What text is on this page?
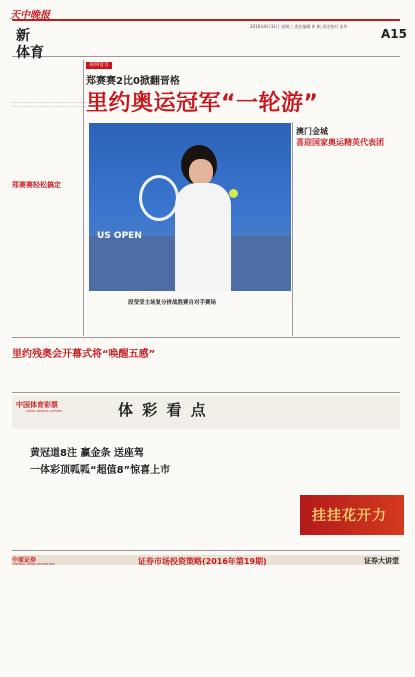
天中晚报
新
体育
2016年8月31日 星期三 责任编辑 崔 帆 责任校对 朱华
A15
美网首日
郑赛赛2比0掀翻晋格
里约奥运冠军“一轮游”
US OPEN
段莹莹主场复分拼战胜赛自对手赛场

………………………………………………………………………

………………………………………………………………………

郑赛赛轻松搞定
澳门金城
喜迎国家奥运精英代表团
里约残奥会开幕式将“唤醒五感”
中国体育彩票
CHINA SPORTS LOTTERY	体 彩 看 点
黄冠道8注 赢金条 送座驾
一体彩顶呱呱“超值8”惊喜上市
挂挂花开力
中原证券
CENTRAL CHINA SECURITIES	证券市场投资策略(2016年第19期)	证券大讲堂
